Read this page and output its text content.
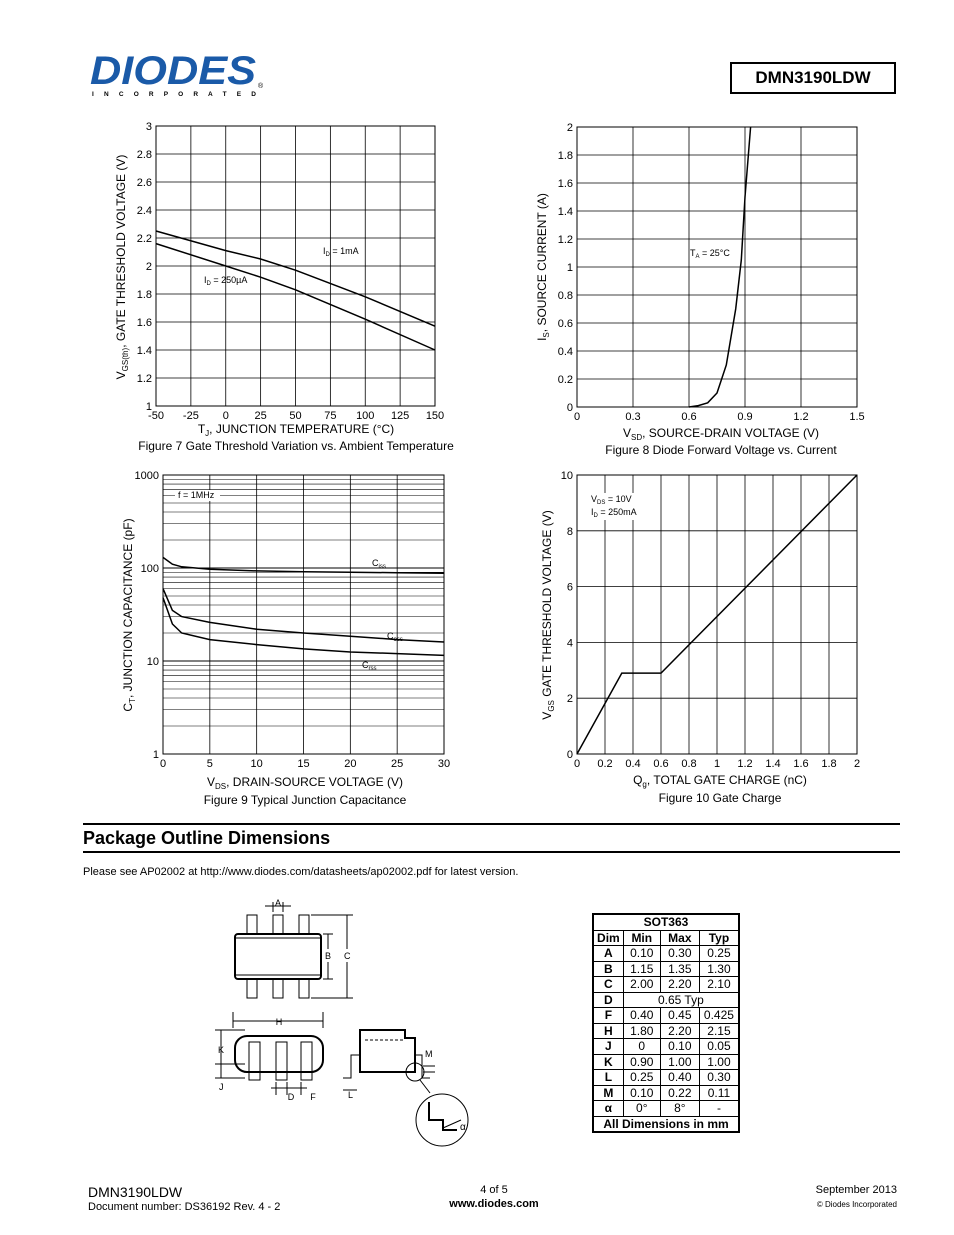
DIODES ®
I N C O R P O R A T E D
DMN3190LDW
-50 -25 0 25 50 75 100 125 150
1
1.2
1.4
1.6
1.8
2
2.2
2.4
2.6
2.8
3
$I_D = 1mA$
$I_D = 250\mu A$
$T_J$, JUNCTION TEMPERATURE (°C)
$V_{GS(th)}$, GATE THRESHOLD VOLTAGE (V)
Figure 7 Gate Threshold Variation vs. Ambient Temperature
0	0.3	0.6	0.9	1.2	1.5
0
0.2
0.4
0.6
0.8
1
1.2
1.4
1.6
1.8
2
$T_A = 25^\circ C$
$V_{SD}$, SOURCE-DRAIN VOLTAGE (V)
$I_S$, SOURCE CURRENT (A)
Figure 8 Diode Forward Voltage vs. Current
0	5	10	15	20	25	30
1
10
100
1000
f = 1MHz
$C_{iss}$
$C_{oss}$
$C_{rss}$
$V_{DS}$, DRAIN-SOURCE VOLTAGE (V)
$C_T$, JUNCTION CAPACITANCE (pF)
Figure 9 Typical Junction Capacitance
0 0.2 0.4 0.6 0.8 1 1.2 1.4 1.6 1.8 2
0
2
4
6
8
10
$V_{DS} = 10V$
$I_D = 250mA$
$Q_g$, TOTAL GATE CHARGE (nC)
$V_{GS}$ GATE THRESHOLD VOLTAGE (V)
Figure 10 Gate Charge
Package Outline Dimensions
Please see AP02002 at http://www.diodes.com/datasheets/ap02002.pdf for latest version.
A
B C
H
K
J
D F	L
M
α
SOT363			
Dim	Min	Max	Typ
A	0.10	0.30	0.25
B	1.15	1.35	1.30
C	2.00	2.20	2.10
D	0.65 Typ		
F	0.40	0.45	0.425
H	1.80	2.20	2.15
J	0	0.10	0.05
K	0.90	1.00	1.00
L	0.25	0.40	0.30
M	0.10	0.22	0.11
α	0°	8°	-
All Dimensions in mm			
DMN3190LDW
Document number: DS36192 Rev. 4 - 2
4 of 5
www.diodes.com
September 2013
© Diodes Incorporated
